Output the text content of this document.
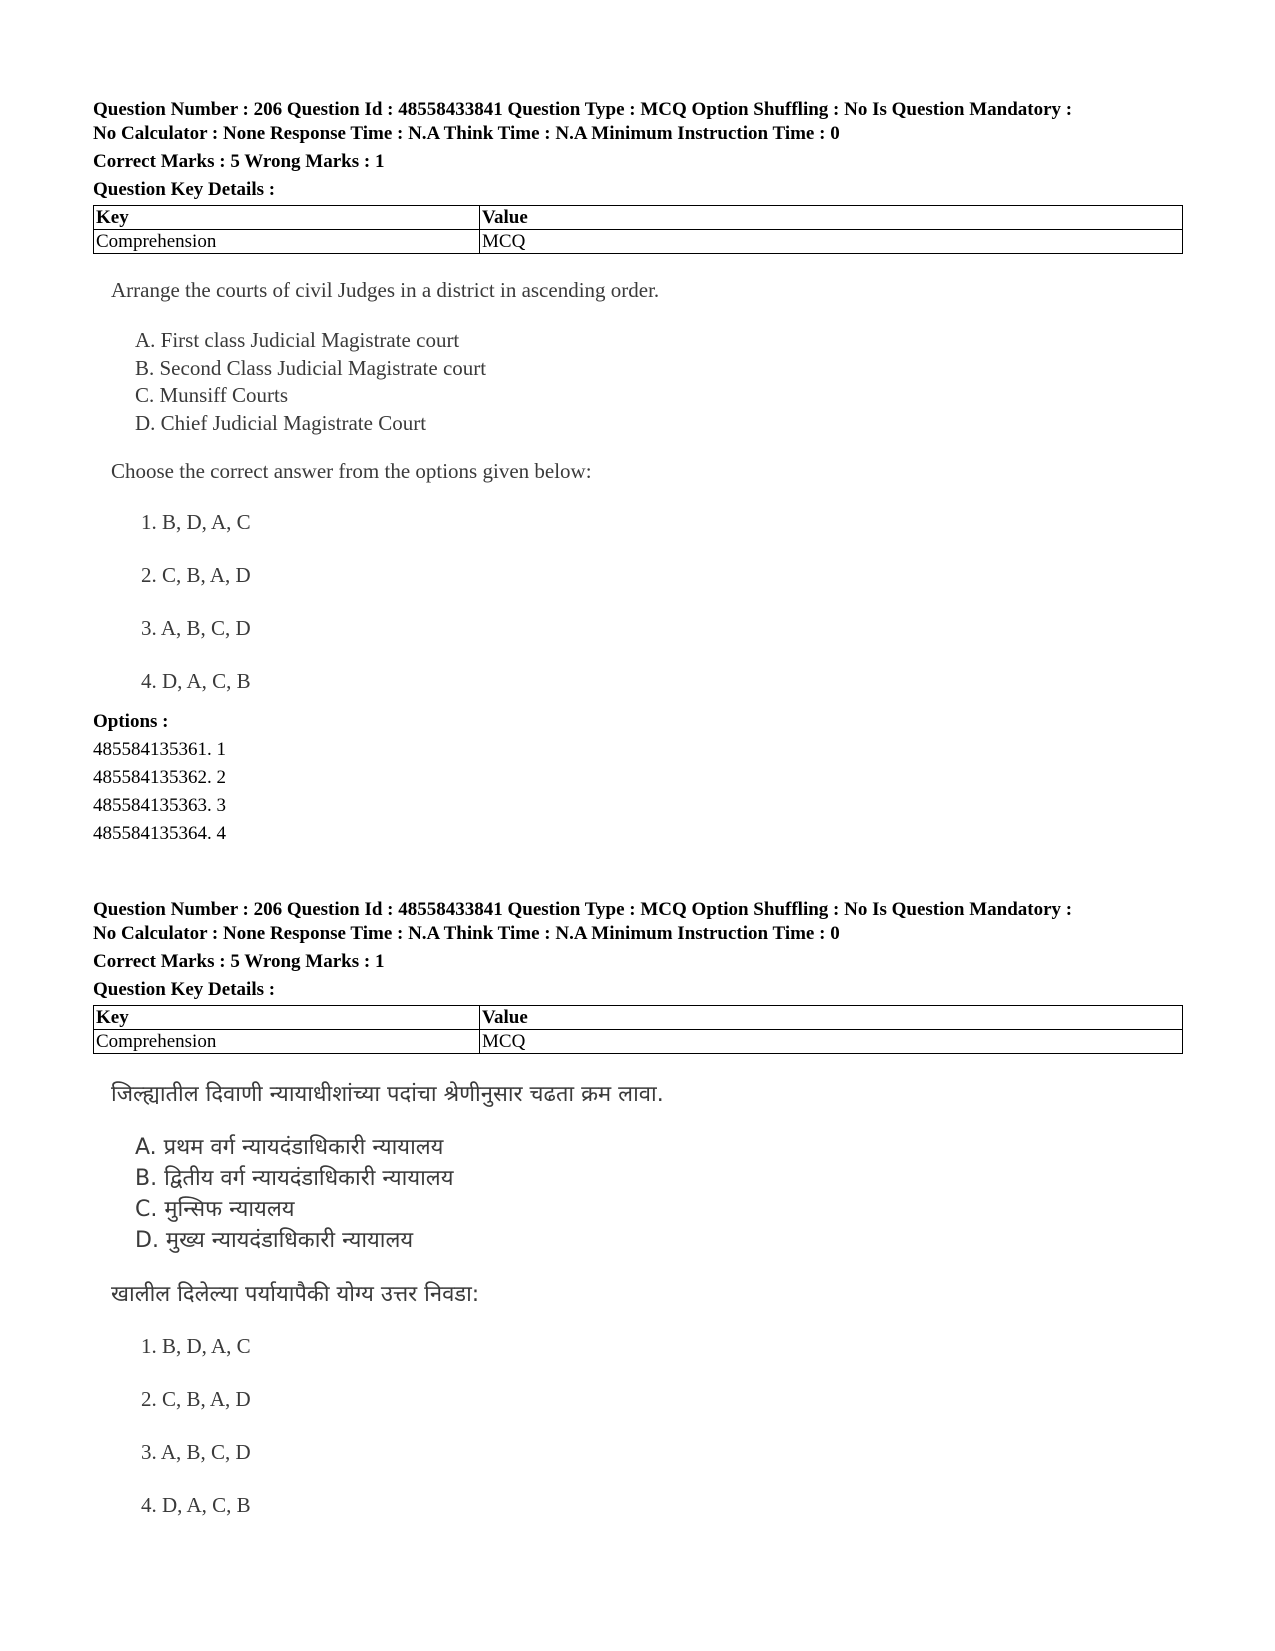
Question Number : 206 Question Id : 48558433841 Question Type : MCQ Option Shuffling : No Is Question Mandatory :
No Calculator : None Response Time : N.A Think Time : N.A Minimum Instruction Time : 0
Correct Marks : 5 Wrong Marks : 1
Question Key Details :
Key	Value
Comprehension	MCQ
Arrange the courts of civil Judges in a district in ascending order.
A. First class Judicial Magistrate court
B. Second Class Judicial Magistrate court
C. Munsiff Courts
D. Chief Judicial Magistrate Court
Choose the correct answer from the options given below:
1. B, D, A, C
2. C, B, A, D
3. A, B, C, D
4. D, A, C, B
Options :
485584135361. 1
485584135362. 2
485584135363. 3
485584135364. 4
Question Number : 206 Question Id : 48558433841 Question Type : MCQ Option Shuffling : No Is Question Mandatory :
No Calculator : None Response Time : N.A Think Time : N.A Minimum Instruction Time : 0
Correct Marks : 5 Wrong Marks : 1
Question Key Details :
Key	Value
Comprehension	MCQ
जिल्ह्यातील दिवाणी न्यायाधीशांच्या पदांचा श्रेणीनुसार चढता क्रम लावा.
A. प्रथम वर्ग न्यायदंडाधिकारी न्यायालय
B. द्वितीय वर्ग न्यायदंडाधिकारी न्यायालय
C. मुन्सिफ न्यायलय
D. मुख्य न्यायदंडाधिकारी न्यायालय
खालील दिलेल्या पर्यायापैकी योग्य उत्तर निवडा:
1. B, D, A, C
2. C, B, A, D
3. A, B, C, D
4. D, A, C, B
